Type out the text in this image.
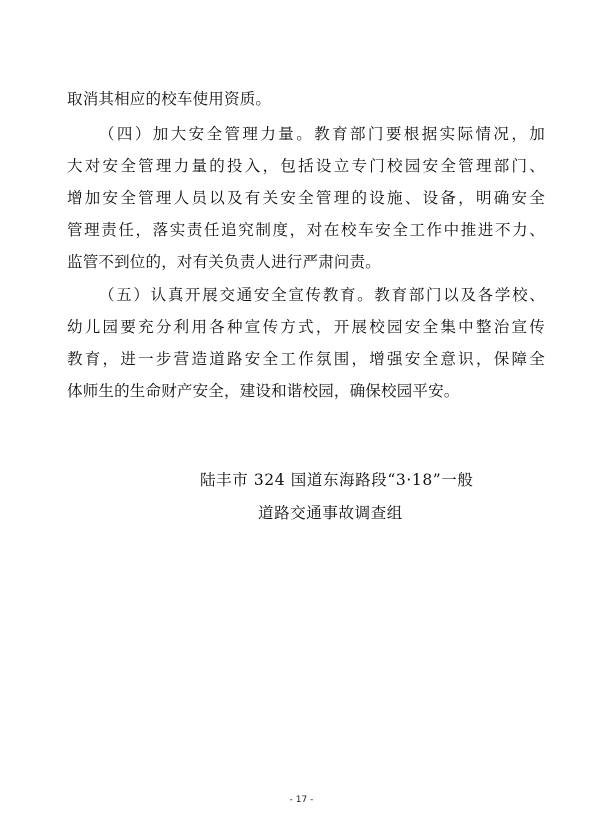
取消其相应的校车使用资质。
（四）加大安全管理力量。教育部门要根据实际情况，加
大对安全管理力量的投入，包括设立专门校园安全管理部门、
增加安全管理人员以及有关安全管理的设施、设备，明确安全
管理责任，落实责任追究制度，对在校车安全工作中推进不力、
监管不到位的，对有关负责人进行严肃问责。
（五）认真开展交通安全宣传教育。教育部门以及各学校、
幼儿园要充分利用各种宣传方式，开展校园安全集中整治宣传
教育，进一步营造道路安全工作氛围，增强安全意识，保障全
体师生的生命财产安全，建设和谐校园，确保校园平安。
陆丰市 324 国道东海路段“3·18”一般
道路交通事故调查组
- 17 -
